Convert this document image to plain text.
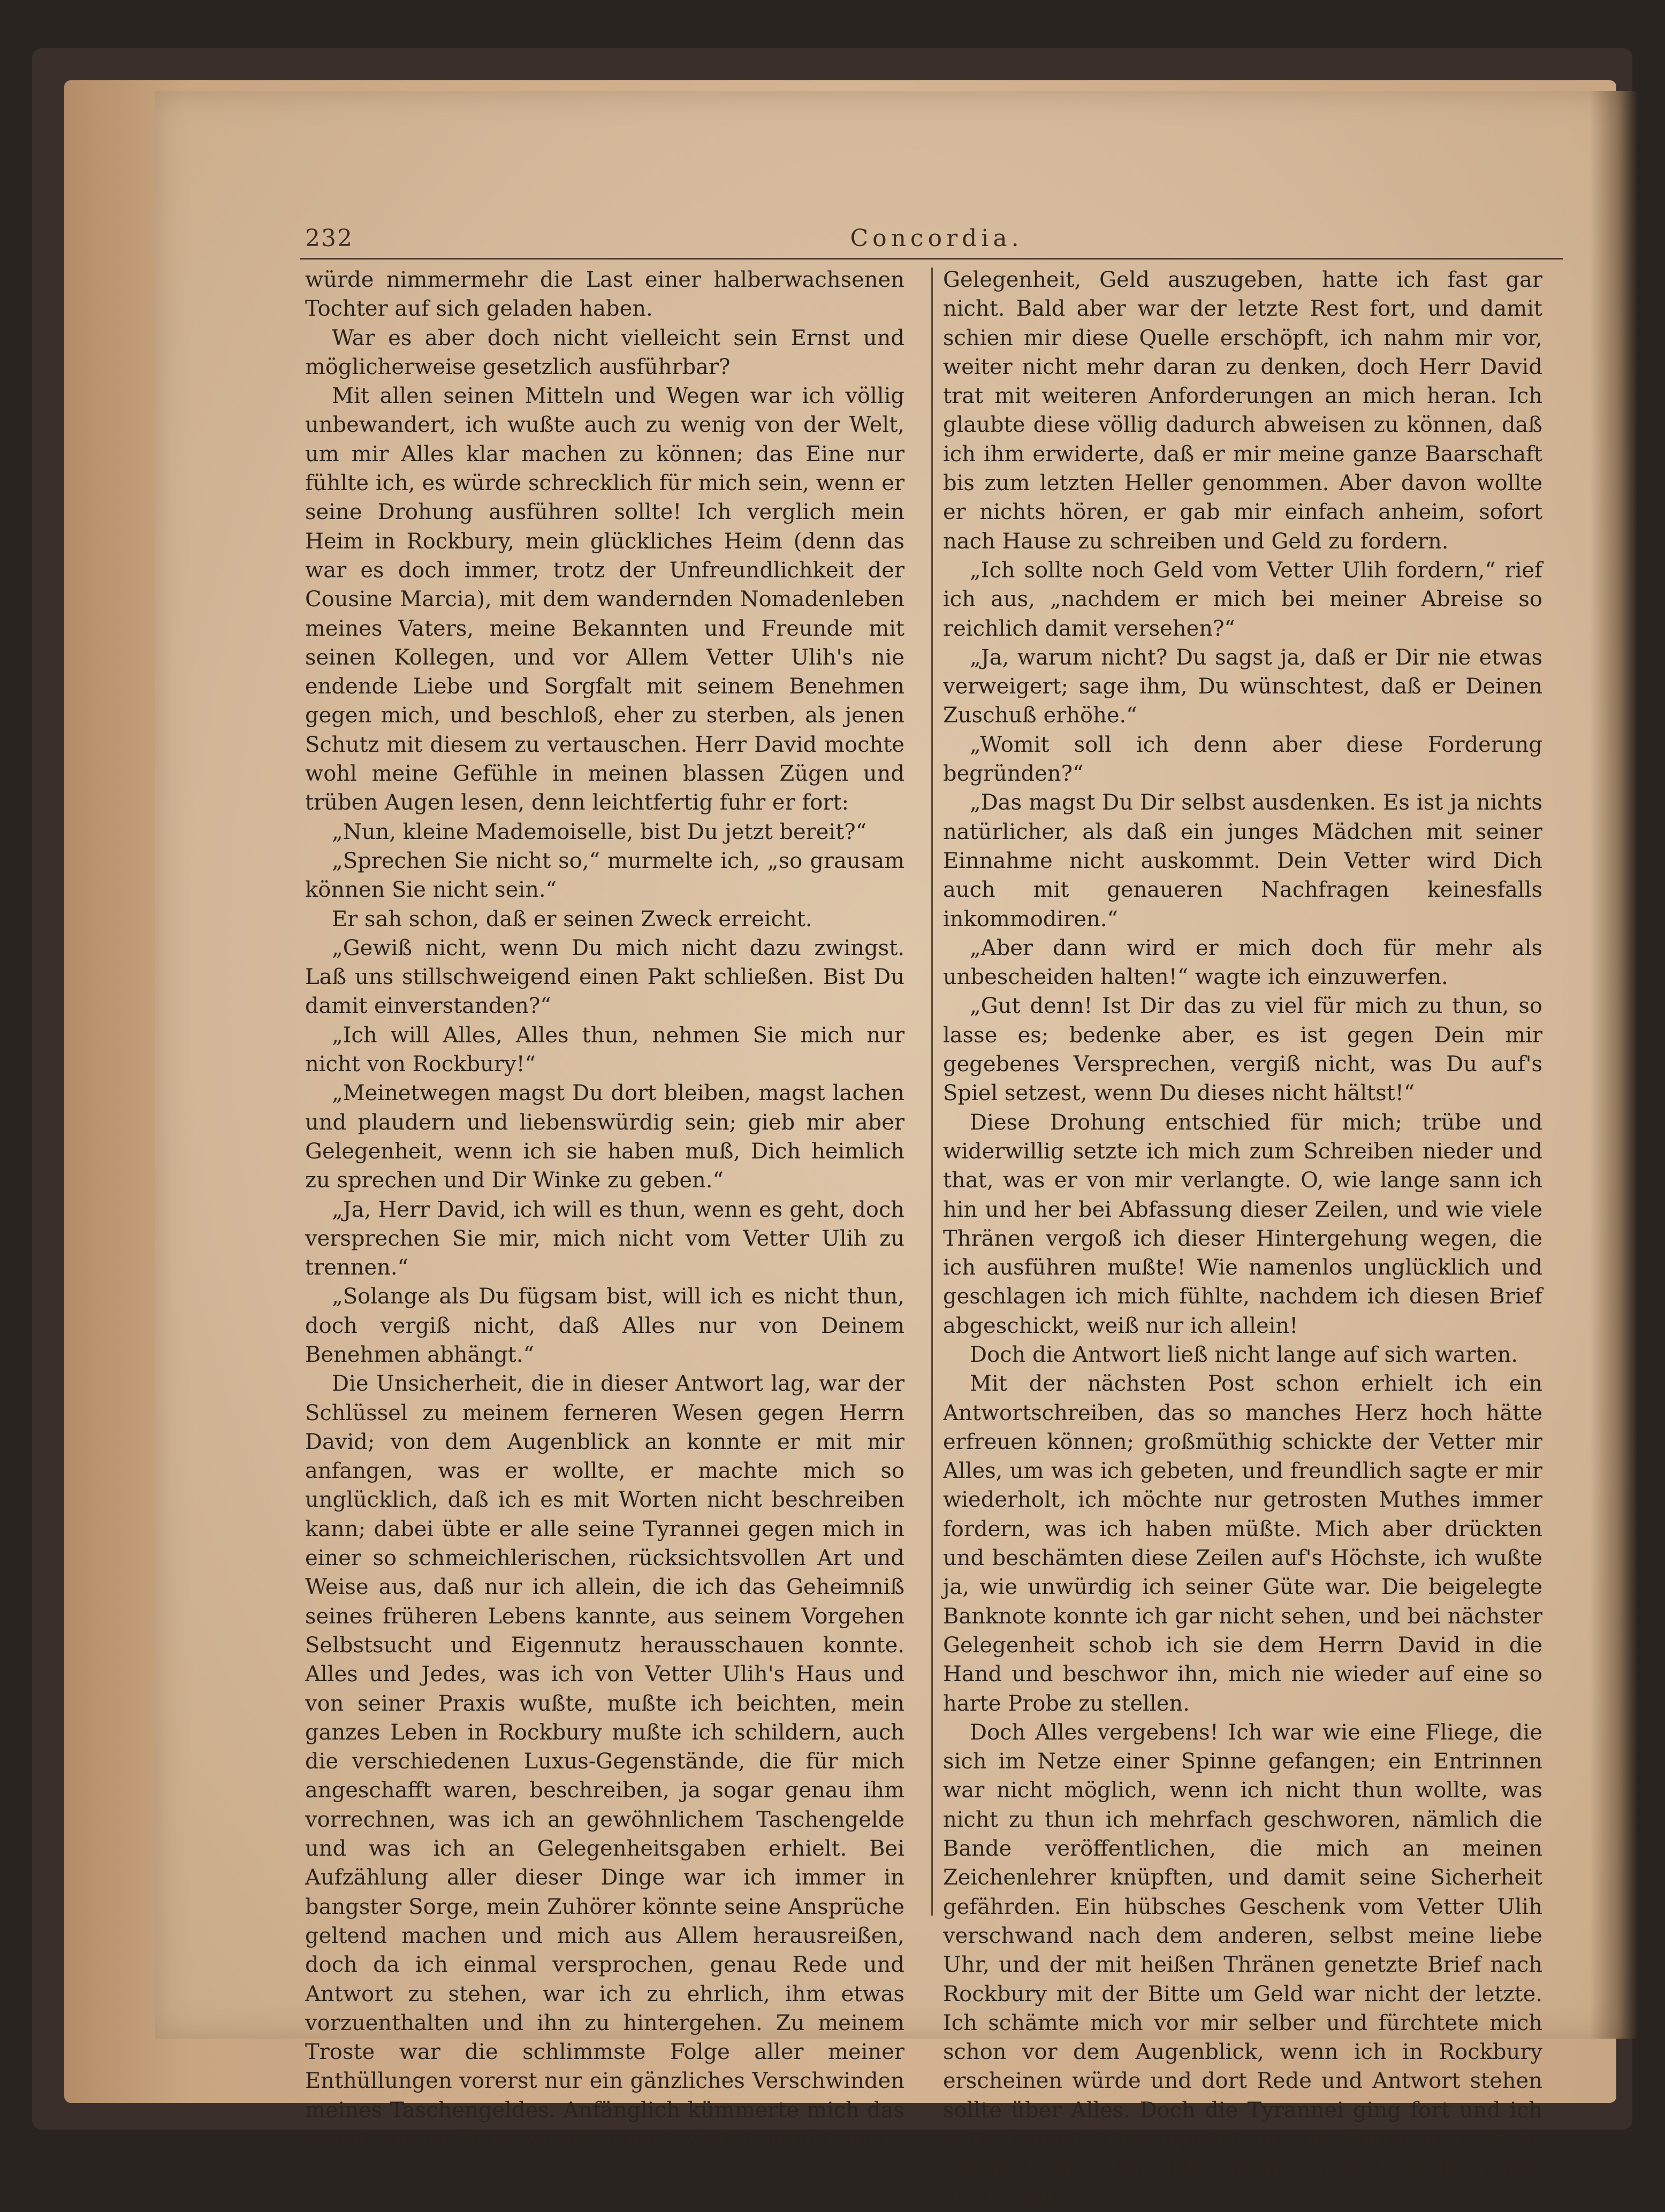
232	Concordia.

würde nimmermehr die Last einer halberwachsenen Tochter auf sich geladen haben.

War es aber doch nicht vielleicht sein Ernst und möglicherweise gesetzlich ausführbar?

Mit allen seinen Mitteln und Wegen war ich völlig unbewandert, ich wußte auch zu wenig von der Welt, um mir Alles klar machen zu können; das Eine nur fühlte ich, es würde schrecklich für mich sein, wenn er seine Drohung ausführen sollte! Ich verglich mein Heim in Rockbury, mein glückliches Heim (denn das war es doch immer, trotz der Unfreundlichkeit der Cousine Marcia), mit dem wandernden Nomadenleben meines Vaters, meine Bekannten und Freunde mit seinen Kollegen, und vor Allem Vetter Ulih's nie endende Liebe und Sorgfalt mit seinem Benehmen gegen mich, und beschloß, eher zu sterben, als jenen Schutz mit diesem zu vertauschen. Herr David mochte wohl meine Gefühle in meinen blassen Zügen und trüben Augen lesen, denn leichtfertig fuhr er fort:

„Nun, kleine Mademoiselle, bist Du jetzt bereit?“

„Sprechen Sie nicht so,“ murmelte ich, „so grausam können Sie nicht sein.“

Er sah schon, daß er seinen Zweck erreicht.

„Gewiß nicht, wenn Du mich nicht dazu zwingst. Laß uns stillschweigend einen Pakt schließen. Bist Du damit einverstanden?“

„Ich will Alles, Alles thun, nehmen Sie mich nur nicht von Rockbury!“

„Meinetwegen magst Du dort bleiben, magst lachen und plaudern und liebenswürdig sein; gieb mir aber Gelegenheit, wenn ich sie haben muß, Dich heimlich zu sprechen und Dir Winke zu geben.“

„Ja, Herr David, ich will es thun, wenn es geht, doch versprechen Sie mir, mich nicht vom Vetter Ulih zu trennen.“

„Solange als Du fügsam bist, will ich es nicht thun, doch vergiß nicht, daß Alles nur von Deinem Benehmen abhängt.“

Die Unsicherheit, die in dieser Antwort lag, war der Schlüssel zu meinem ferneren Wesen gegen Herrn David; von dem Augenblick an konnte er mit mir anfangen, was er wollte, er machte mich so unglücklich, daß ich es mit Worten nicht beschreiben kann; dabei übte er alle seine Tyrannei gegen mich in einer so schmeichlerischen, rücksichtsvollen Art und Weise aus, daß nur ich allein, die ich das Geheimniß seines früheren Lebens kannte, aus seinem Vorgehen Selbstsucht und Eigennutz herausschauen konnte. Alles und Jedes, was ich von Vetter Ulih's Haus und von seiner Praxis wußte, mußte ich beichten, mein ganzes Leben in Rockbury mußte ich schildern, auch die verschiedenen Luxus-Gegenstände, die für mich angeschafft waren, beschreiben, ja sogar genau ihm vorrechnen, was ich an gewöhnlichem Taschengelde und was ich an Gelegenheitsgaben erhielt. Bei Aufzählung aller dieser Dinge war ich immer in bangster Sorge, mein Zuhörer könnte seine Ansprüche geltend machen und mich aus Allem herausreißen, doch da ich einmal versprochen, genau Rede und Antwort zu stehen, war ich zu ehrlich, ihm etwas vorzuenthalten und ihn zu hintergehen. Zu meinem Troste war die schlimmste Folge aller meiner Enthüllungen vorerst nur ein gänzliches Verschwinden meines Taschengeldes. Anfänglich kümmerte mich das wenig, meine Börse wurde immer wieder gefüllt, und

Gelegenheit, Geld auszugeben, hatte ich fast gar nicht. Bald aber war der letzte Rest fort, und damit schien mir diese Quelle erschöpft, ich nahm mir vor, weiter nicht mehr daran zu denken, doch Herr David trat mit weiteren Anforderungen an mich heran. Ich glaubte diese völlig dadurch abweisen zu können, daß ich ihm erwiderte, daß er mir meine ganze Baarschaft bis zum letzten Heller genommen. Aber davon wollte er nichts hören, er gab mir einfach anheim, sofort nach Hause zu schreiben und Geld zu fordern.

„Ich sollte noch Geld vom Vetter Ulih fordern,“ rief ich aus, „nachdem er mich bei meiner Abreise so reichlich damit versehen?“

„Ja, warum nicht? Du sagst ja, daß er Dir nie etwas verweigert; sage ihm, Du wünschtest, daß er Deinen Zuschuß erhöhe.“

„Womit soll ich denn aber diese Forderung begründen?“

„Das magst Du Dir selbst ausdenken. Es ist ja nichts natürlicher, als daß ein junges Mädchen mit seiner Einnahme nicht auskommt. Dein Vetter wird Dich auch mit genaueren Nachfragen keinesfalls inkommodiren.“

„Aber dann wird er mich doch für mehr als unbescheiden halten!“ wagte ich einzuwerfen.

„Gut denn! Ist Dir das zu viel für mich zu thun, so lasse es; bedenke aber, es ist gegen Dein mir gegebenes Versprechen, vergiß nicht, was Du auf's Spiel setzest, wenn Du dieses nicht hältst!“

Diese Drohung entschied für mich; trübe und widerwillig setzte ich mich zum Schreiben nieder und that, was er von mir verlangte. O, wie lange sann ich hin und her bei Abfassung dieser Zeilen, und wie viele Thränen vergoß ich dieser Hintergehung wegen, die ich ausführen mußte! Wie namenlos unglücklich und geschlagen ich mich fühlte, nachdem ich diesen Brief abgeschickt, weiß nur ich allein!

Doch die Antwort ließ nicht lange auf sich warten.

Mit der nächsten Post schon erhielt ich ein Antwortschreiben, das so manches Herz hoch hätte erfreuen können; großmüthig schickte der Vetter mir Alles, um was ich gebeten, und freundlich sagte er mir wiederholt, ich möchte nur getrosten Muthes immer fordern, was ich haben müßte. Mich aber drückten und beschämten diese Zeilen auf's Höchste, ich wußte ja, wie unwürdig ich seiner Güte war. Die beigelegte Banknote konnte ich gar nicht sehen, und bei nächster Gelegenheit schob ich sie dem Herrn David in die Hand und beschwor ihn, mich nie wieder auf eine so harte Probe zu stellen.

Doch Alles vergebens! Ich war wie eine Fliege, die sich im Netze einer Spinne gefangen; ein Entrinnen war nicht möglich, wenn ich nicht thun wollte, was nicht zu thun ich mehrfach geschworen, nämlich die Bande veröffentlichen, die mich an meinen Zeichenlehrer knüpften, und damit seine Sicherheit gefährden. Ein hübsches Geschenk vom Vetter Ulih verschwand nach dem anderen, selbst meine liebe Uhr, und der mit heißen Thränen genetzte Brief nach Rockbury mit der Bitte um Geld war nicht der letzte. Ich schämte mich vor mir selber und fürchtete mich schon vor dem Augenblick, wenn ich in Rockbury erscheinen würde und dort Rede und Antwort stehen sollte über Alles. Doch die Tyrannei ging fort und ich hatte keinen Anhaltepunkt für die Hoffnung, daß sie beendet seine Knechte, wenn ich erst wieder unter dem Schutze
